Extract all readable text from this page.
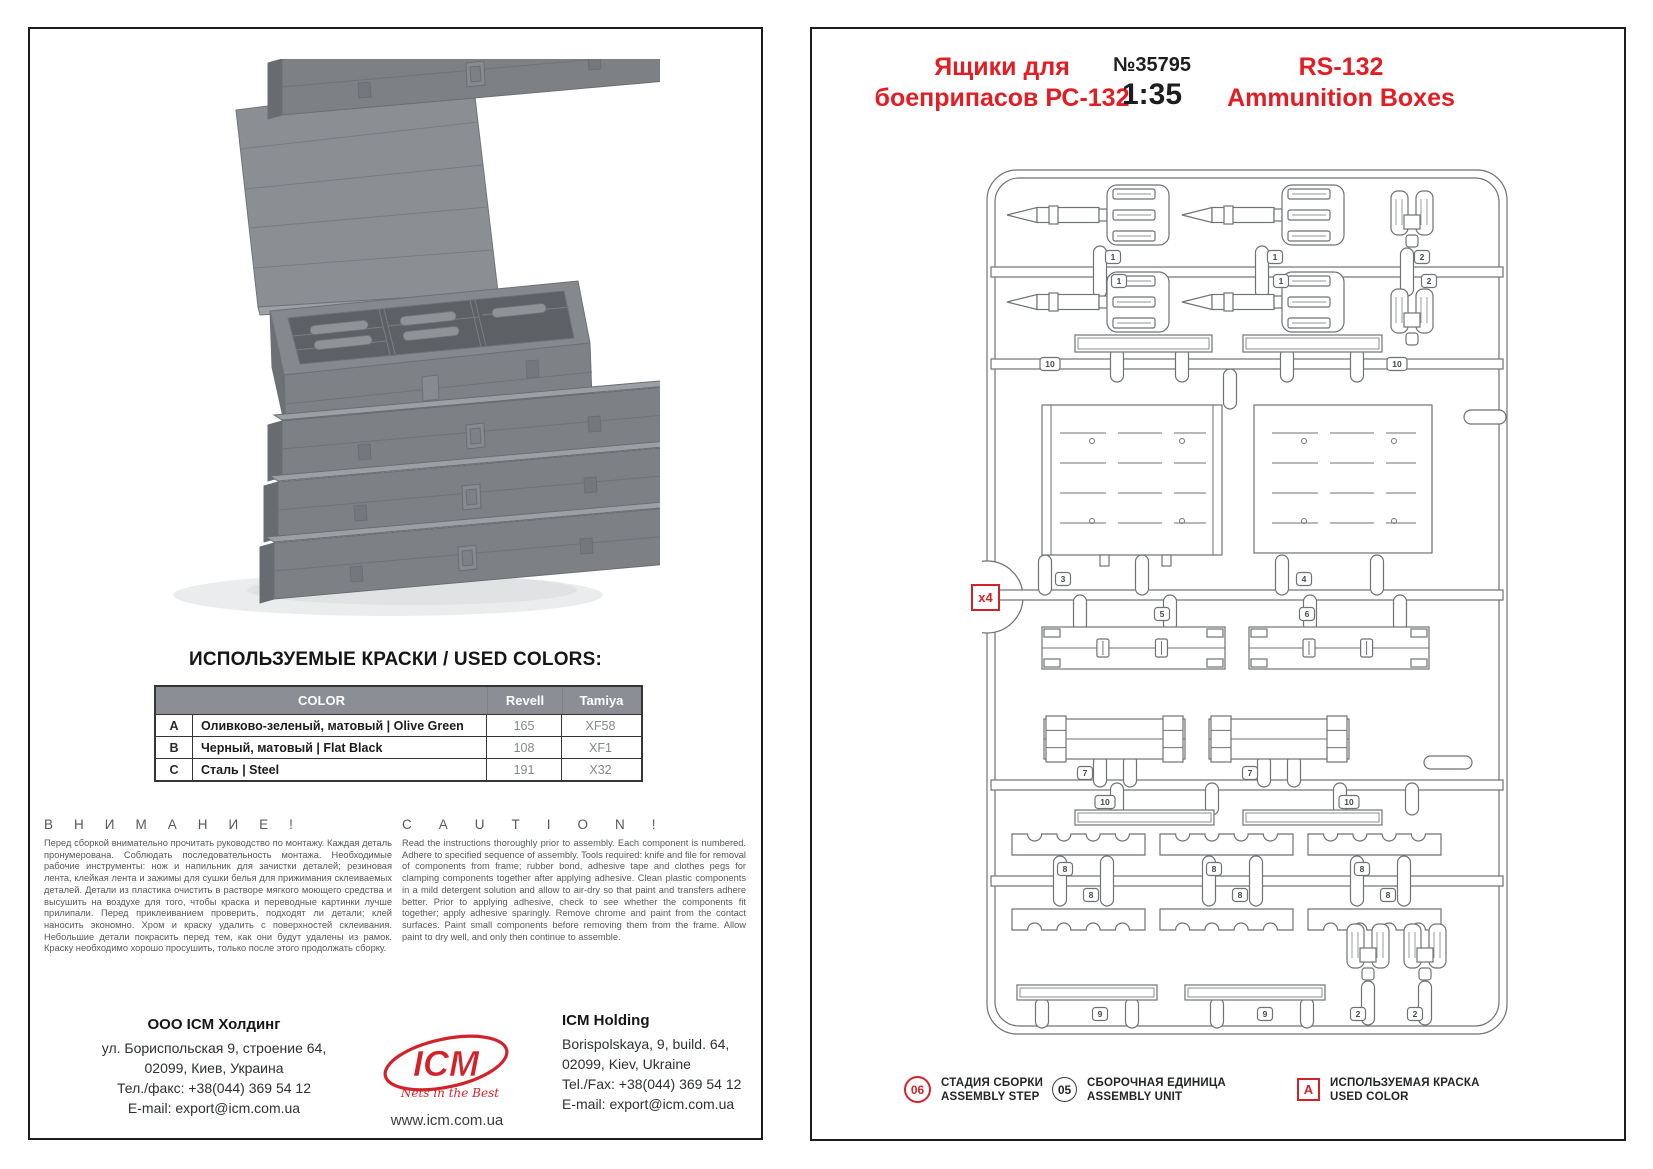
ИСПОЛЬЗУЕМЫЕ КРАСКИ / USED COLORS:
COLOR	Revell	Tamiya
A	Оливково-зеленый, матовый | Olive Green	165	XF58
B	Черный, матовый | Flat Black	108	XF1
C	Сталь | Steel	191	X32
ВНИМАНИЕ!	CAUTION!
Перед сборкой внимательно прочитать руководство по монтажу. Каждая деталь пронумерована. Соблюдать последовательность монтажа. Необходимые рабочие инструменты: нож и напильник для зачистки деталей; резиновая лента, клейкая лента и зажимы для сушки белья для прижимания склеиваемых деталей. Детали из пластика очистить в растворе мягкого моющего средства и высушить на воздухе для того, чтобы краска и переводные картинки лучше прилипали. Перед приклеиванием проверить, подходят ли детали; клей наносить экономно. Хром и краску удалить с поверхностей склеивания. Небольшие детали покрасить перед тем, как они будут удалены из рамок. Краску необходимо хорошо просушить, только после этого продолжать сборку.
Read the instructions thoroughly prior to assembly. Each component is numbered. Adhere to specified sequence of assembly. Tools required: knife and file for removal of components from frame; rubber bond, adhesive tape and clothes pegs for clamping components together after applying adhesive. Clean plastic components in a mild detergent solution and allow to air-dry so that paint and transfers adhere better. Prior to applying adhesive, check to see whether the components fit together; apply adhesive sparingly. Remove chrome and paint from the contact surfaces. Paint small components before removing them from the frame. Allow paint to dry well, and only then continue to assemble.
ООО ICM Холдинг
ул. Бориспольская 9, строение 64,
02099, Киев, Украина
Тел./факс: +38(044) 369 54 12
E-mail: export@icm.com.ua
ICM
Nets in the Best
ICM Holding
Borispolskaya, 9, build. 64,
02099, Kiev, Ukraine
Tel./Fax: +38(044) 369 54 12
E-mail: export@icm.com.ua
www.icm.com.ua
Ящики для
боеприпасов РС-132
№35795
1:35
RS-132
Ammunition Boxes
x4
1
1
1
1
2
2
10	10
3	4
5	6
7	7
10	10
8	8	8
8	8	8
9	9	2	2
06	СТАДИЯ СБОРКИ
ASSEMBLY STEP
05	СБОРОЧНАЯ ЕДИНИЦА
ASSEMBLY UNIT	A	ИСПОЛЬЗУЕМАЯ КРАСКА
USED COLOR
